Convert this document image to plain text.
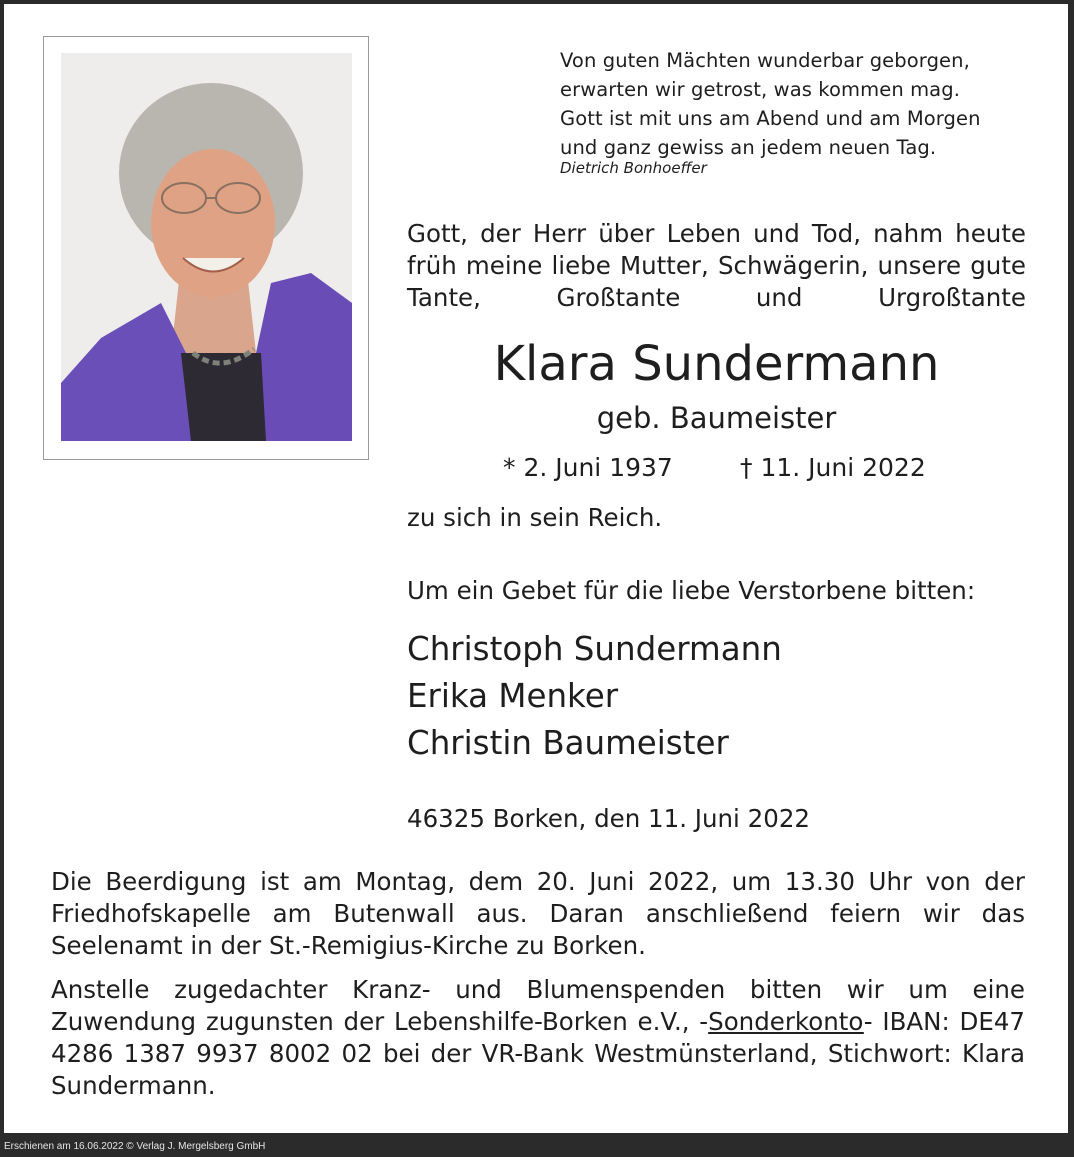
Von guten Mächten wunderbar geborgen,
erwarten wir getrost, was kommen mag.
Gott ist mit uns am Abend und am Morgen
und ganz gewiss an jedem neuen Tag.
Dietrich Bonhoeffer
Gott, der Herr über Leben und Tod, nahm heute früh meine liebe Mutter, Schwägerin, unsere gute Tante, Großtante und Urgroßtante
Klara Sundermann
geb. Baumeister
* 2. Juni 1937	† 11. Juni 2022
zu sich in sein Reich.
Um ein Gebet für die liebe Verstorbene bitten:
Christoph Sundermann
Erika Menker
Christin Baumeister
46325 Borken, den 11. Juni 2022
Die Beerdigung ist am Montag, dem 20. Juni 2022, um 13.30 Uhr von der Friedhofskapelle am Butenwall aus. Daran anschließend feiern wir das Seelenamt in der St.-Remigius-Kirche zu Borken.
Anstelle zugedachter Kranz- und Blumenspenden bitten wir um eine Zuwendung zugunsten der Lebenshilfe-Borken e.V., -Sonderkonto- IBAN: DE47 4286 1387 9937 8002 02 bei der VR-Bank Westmünsterland, Stichwort: Klara Sundermann.
Erschienen am 16.06.2022 © Verlag J. Mergelsberg GmbH
